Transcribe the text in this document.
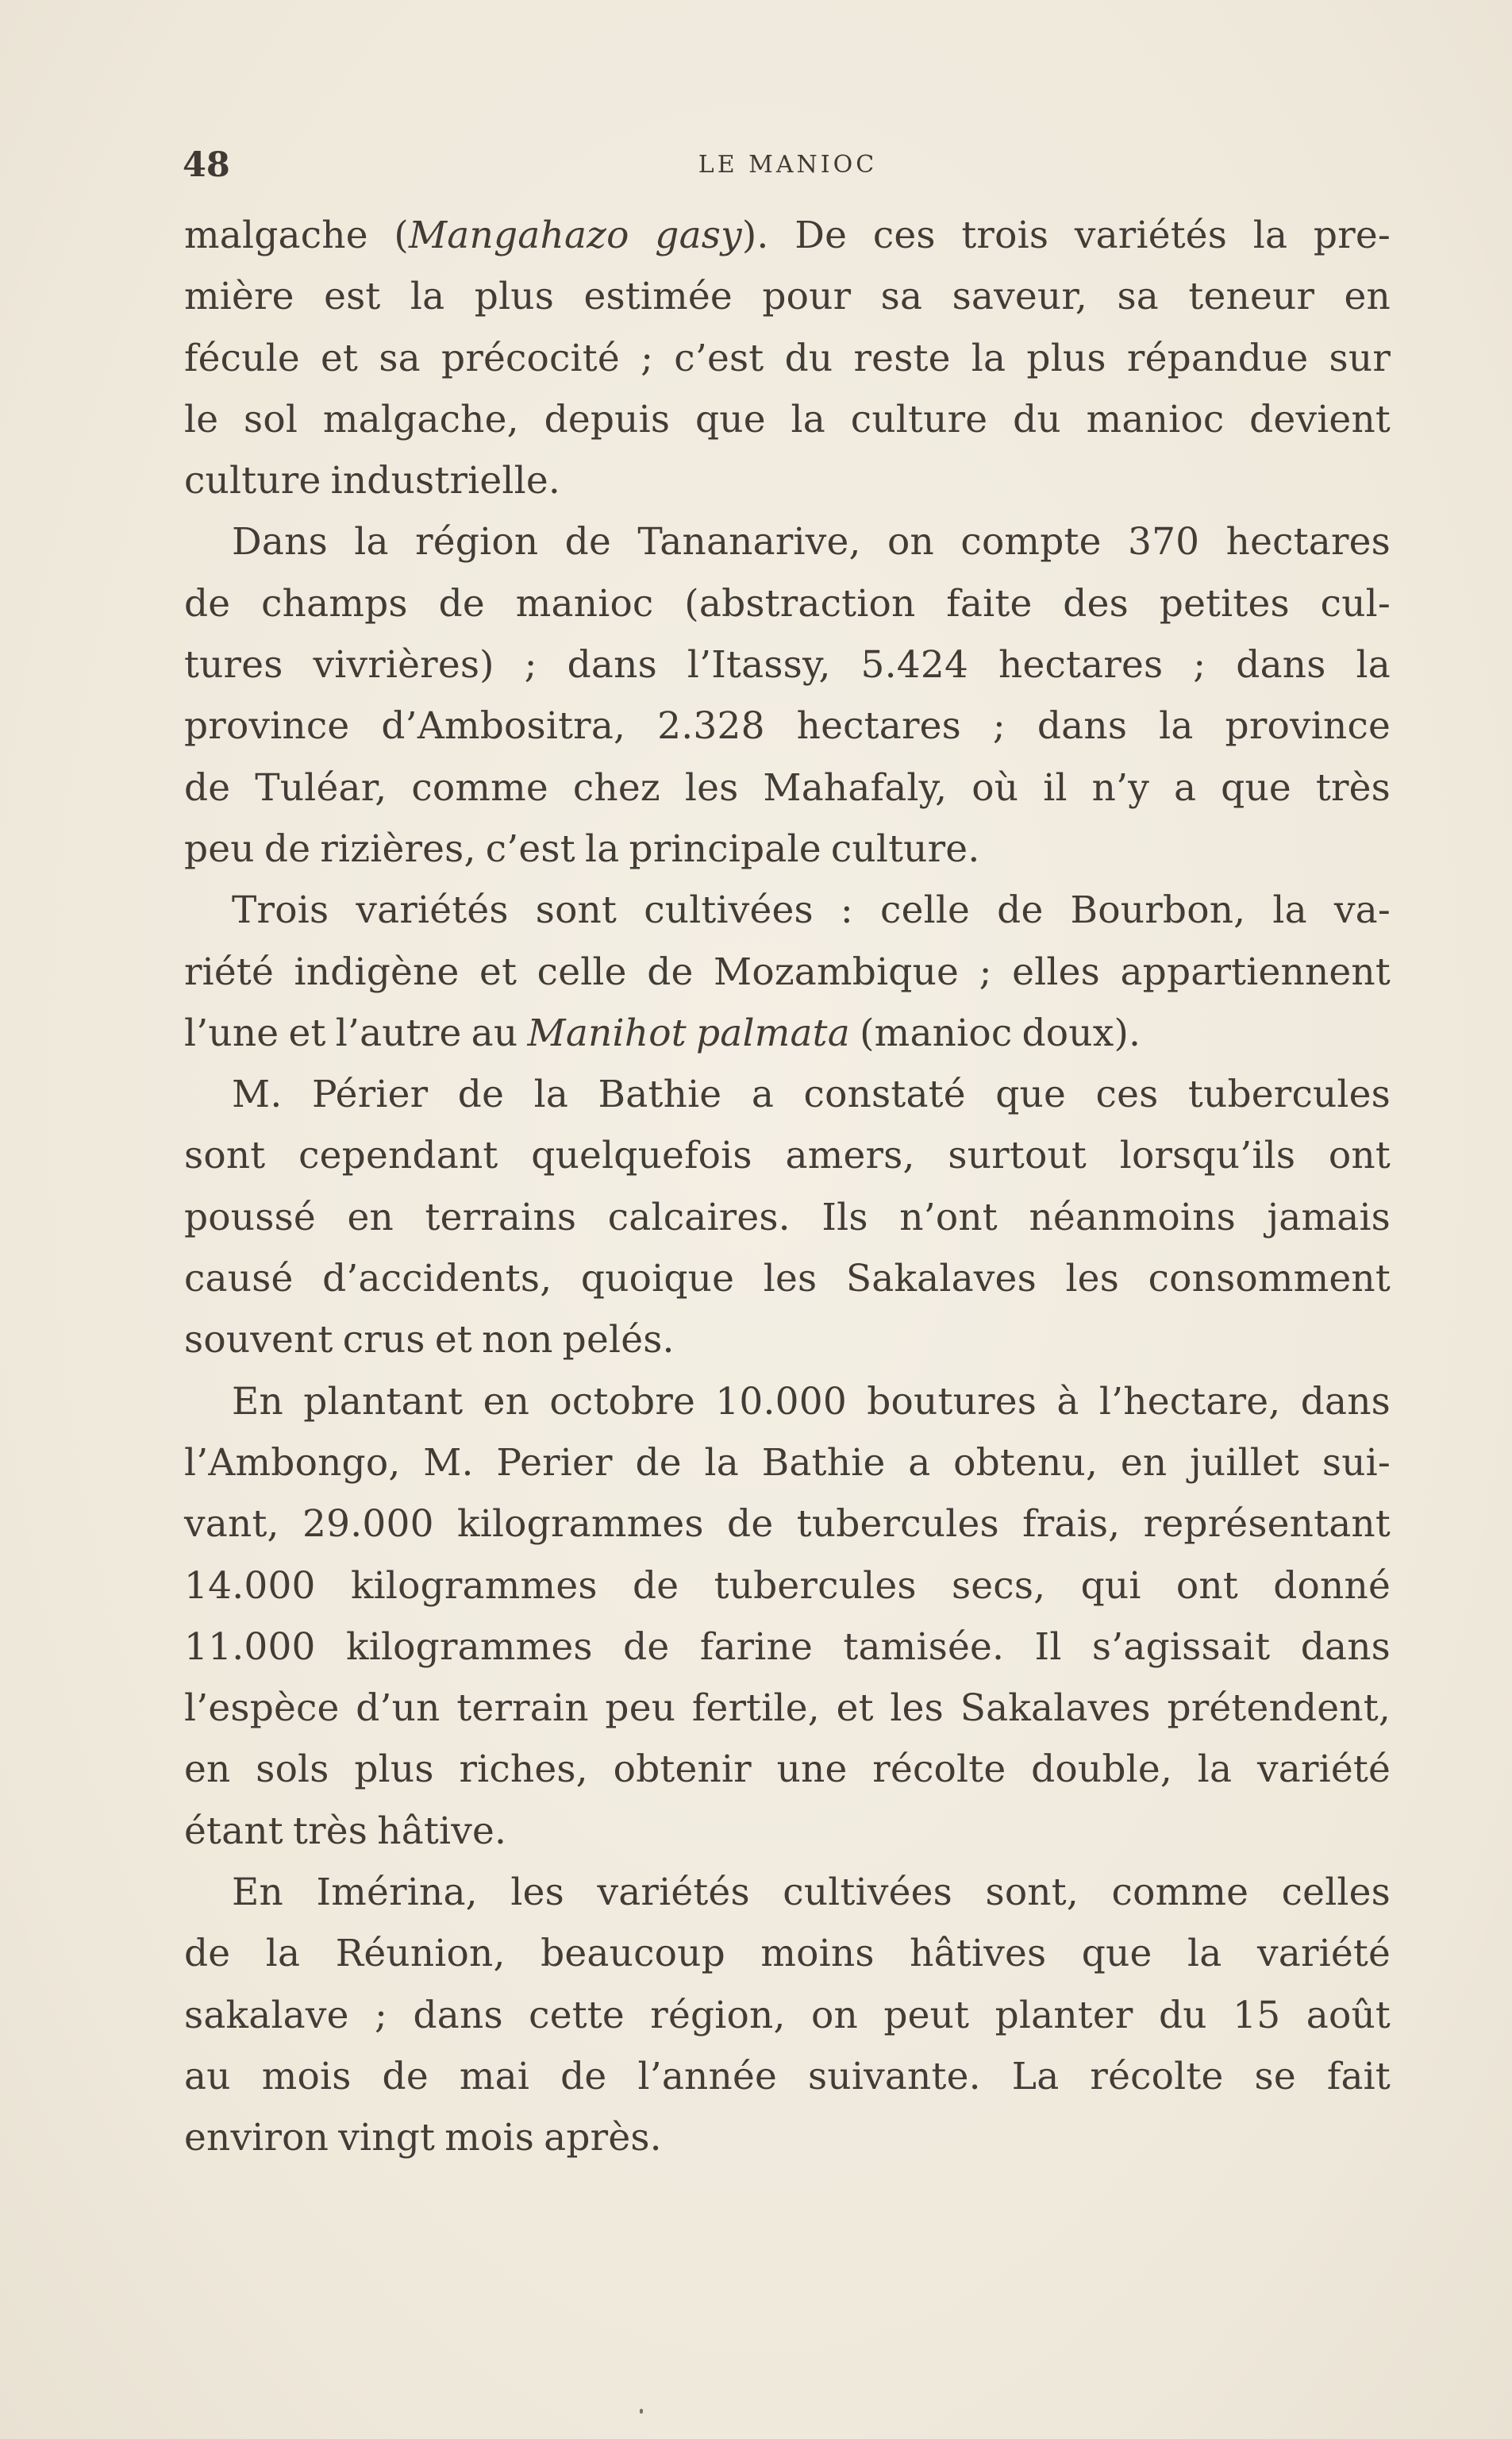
48	LE MANIOC
malgache (Mangahazo gasy). De ces trois variétés la pre-
mière est la plus estimée pour sa saveur, sa teneur en
fécule et sa précocité ; c’est du reste la plus répandue sur
le sol malgache, depuis que la culture du manioc devient
culture industrielle.
Dans la région de Tananarive, on compte 370 hectares
de champs de manioc (abstraction faite des petites cul-
tures vivrières) ; dans l’Itassy, 5.424 hectares ; dans la
province d’Ambositra, 2.328 hectares ; dans la province
de Tuléar, comme chez les Mahafaly, où il n’y a que très
peu de rizières, c’est la principale culture.
Trois variétés sont cultivées : celle de Bourbon, la va-
riété indigène et celle de Mozambique ; elles appartiennent
l’une et l’autre au Manihot palmata (manioc doux).
M. Périer de la Bathie a constaté que ces tubercules
sont cependant quelquefois amers, surtout lorsqu’ils ont
poussé en terrains calcaires. Ils n’ont néanmoins jamais
causé d’accidents, quoique les Sakalaves les consomment
souvent crus et non pelés.
En plantant en octobre 10.000 boutures à l’hectare, dans
l’Ambongo, M. Perier de la Bathie a obtenu, en juillet sui-
vant, 29.000 kilogrammes de tubercules frais, représentant
14.000 kilogrammes de tubercules secs, qui ont donné
11.000 kilogrammes de farine tamisée. Il s’agissait dans
l’espèce d’un terrain peu fertile, et les Sakalaves prétendent,
en sols plus riches, obtenir une récolte double, la variété
étant très hâtive.
En Imérina, les variétés cultivées sont, comme celles
de la Réunion, beaucoup moins hâtives que la variété
sakalave ; dans cette région, on peut planter du 15 août
au mois de mai de l’année suivante. La récolte se fait
environ vingt mois après.
